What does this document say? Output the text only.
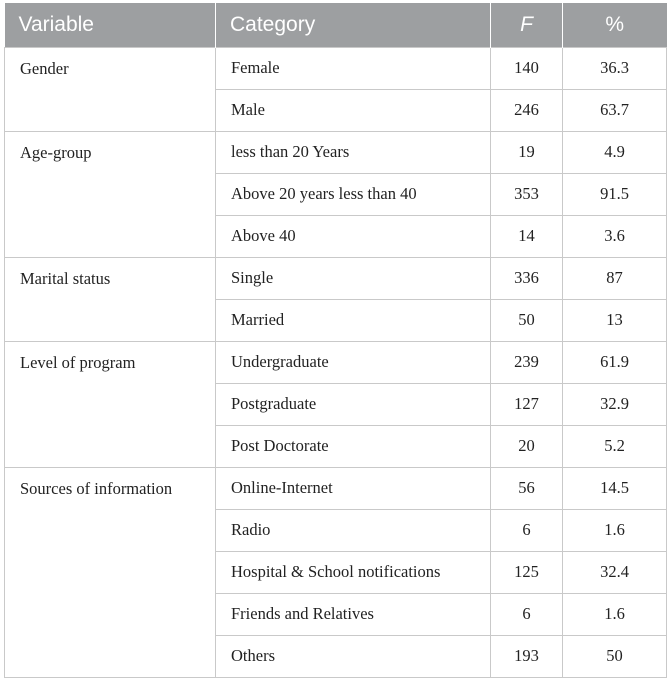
Variable	Category	F	%
Gender	Female	140	36.3
	Male	246	63.7
Age-group	less than 20 Years	19	4.9
	Above 20 years less than 40	353	91.5
	Above 40	14	3.6
Marital status	Single	336	87
	Married	50	13
Level of program	Undergraduate	239	61.9
	Postgraduate	127	32.9
	Post Doctorate	20	5.2
Sources of information	Online-Internet	56	14.5
	Radio	6	1.6
	Hospital & School notifications	125	32.4
	Friends and Relatives	6	1.6
	Others	193	50
